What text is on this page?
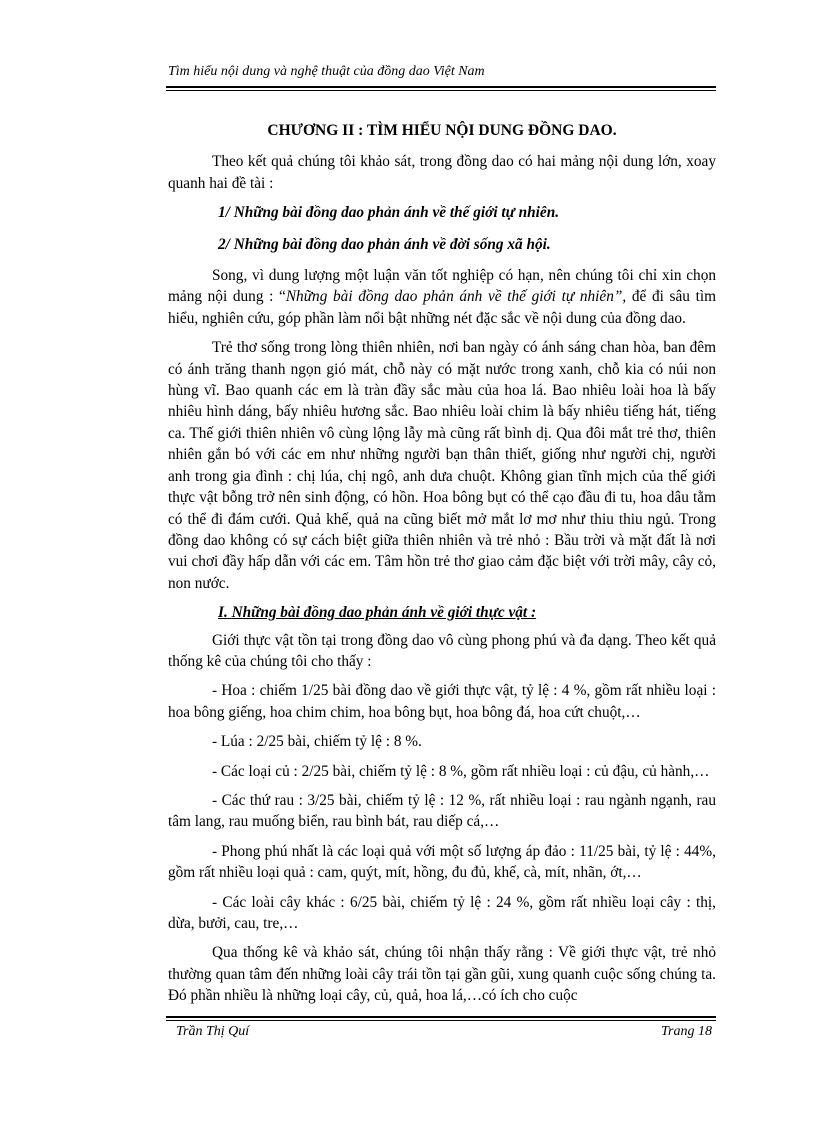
Tìm hiểu nội dung và nghệ thuật của đồng dao Việt Nam
CHƯƠNG II : TÌM HIỂU NỘI DUNG ĐỒNG DAO.

Theo kết quả chúng tôi khảo sát, trong đồng dao có hai mảng nội dung lớn, xoay quanh hai đề tài :

1/ Những bài đồng dao phản ánh về thế giới tự nhiên.
2/ Những bài đồng dao phản ánh về đời sống xã hội.

Song, vì dung lượng một luận văn tốt nghiệp có hạn, nên chúng tôi chỉ xin chọn mảng nội dung : “Những bài đồng dao phản ánh về thế giới tự nhiên”, để đi sâu tìm hiểu, nghiên cứu, góp phần làm nổi bật những nét đặc sắc về nội dung của đồng dao.

Trẻ thơ sống trong lòng thiên nhiên, nơi ban ngày có ánh sáng chan hòa, ban đêm có ánh trăng thanh ngọn gió mát, chỗ này có mặt nước trong xanh, chỗ kia có núi non hùng vĩ. Bao quanh các em là tràn đầy sắc màu của hoa lá. Bao nhiêu loài hoa là bấy nhiêu hình dáng, bấy nhiêu hương sắc. Bao nhiêu loài chim là bấy nhiêu tiếng hát, tiếng ca. Thế giới thiên nhiên vô cùng lộng lẫy mà cũng rất bình dị. Qua đôi mắt trẻ thơ, thiên nhiên gắn bó với các em như những người bạn thân thiết, giống như người chị, người anh trong gia đình : chị lúa, chị ngô, anh dưa chuột. Không gian tĩnh mịch của thế giới thực vật bỗng trở nên sinh động, có hồn. Hoa bông bụt có thể cạo đầu đi tu, hoa dâu tằm có thể đi đám cưới. Quả khế, quả na cũng biết mở mắt lơ mơ như thiu thiu ngủ. Trong đồng dao không có sự cách biệt giữa thiên nhiên và trẻ nhỏ : Bầu trời và mặt đất là nơi vui chơi đầy hấp dẫn với các em. Tâm hồn trẻ thơ giao cảm đặc biệt với trời mây, cây cỏ, non nước.

I. Những bài đồng dao phản ánh về giới thực vật :

Giới thực vật tồn tại trong đồng dao vô cùng phong phú và đa dạng. Theo kết quả thống kê của chúng tôi cho thấy :

- Hoa : chiếm 1/25 bài đồng dao về giới thực vật, tỷ lệ : 4 %, gồm rất nhiều loại : hoa bông giếng, hoa chim chim, hoa bông bụt, hoa bông đá, hoa cứt chuột,…

- Lúa : 2/25 bài, chiếm tỷ lệ : 8 %.

- Các loại củ : 2/25 bài, chiếm tỷ lệ : 8 %, gồm rất nhiều loại : củ đậu, củ hành,…

- Các thứ rau : 3/25 bài, chiếm tỷ lệ : 12 %, rất nhiều loại : rau ngành ngạnh, rau tâm lang, rau muống biển, rau bình bát, rau diếp cá,…

- Phong phú nhất là các loại quả với một số lượng áp đảo : 11/25 bài, tỷ lệ : 44%, gồm rất nhiều loại quả : cam, quýt, mít, hồng, đu đủ, khế, cà, mít, nhãn, ớt,…

- Các loài cây khác : 6/25 bài, chiếm tỷ lệ : 24 %, gồm rất nhiều loại cây : thị, dừa, bưởi, cau, tre,…

Qua thống kê và khảo sát, chúng tôi nhận thấy rằng : Về giới thực vật, trẻ nhỏ thường quan tâm đến những loài cây trái tồn tại gần gũi, xung quanh cuộc sống chúng ta. Đó phần nhiều là những loại cây, củ, quả, hoa lá,…có ích cho cuộc

Trần Thị Quí	Trang 18
